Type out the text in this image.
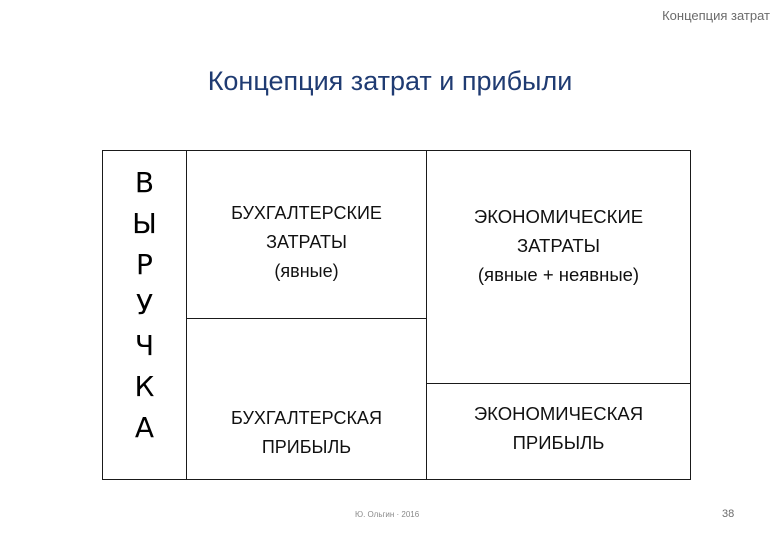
Концепция затрат
Концепция затрат и прибыли
В
Ы
Р
У
Ч
К
А
БУХГАЛТЕРСКИЕ
ЗАТРАТЫ
(явные)
БУХГАЛТЕРСКАЯ
ПРИБЫЛЬ
ЭКОНОМИЧЕСКИЕ
ЗАТРАТЫ
(явные + неявные)
ЭКОНОМИЧЕСКАЯ
ПРИБЫЛЬ
Ю. Ольгин · 2016	38
